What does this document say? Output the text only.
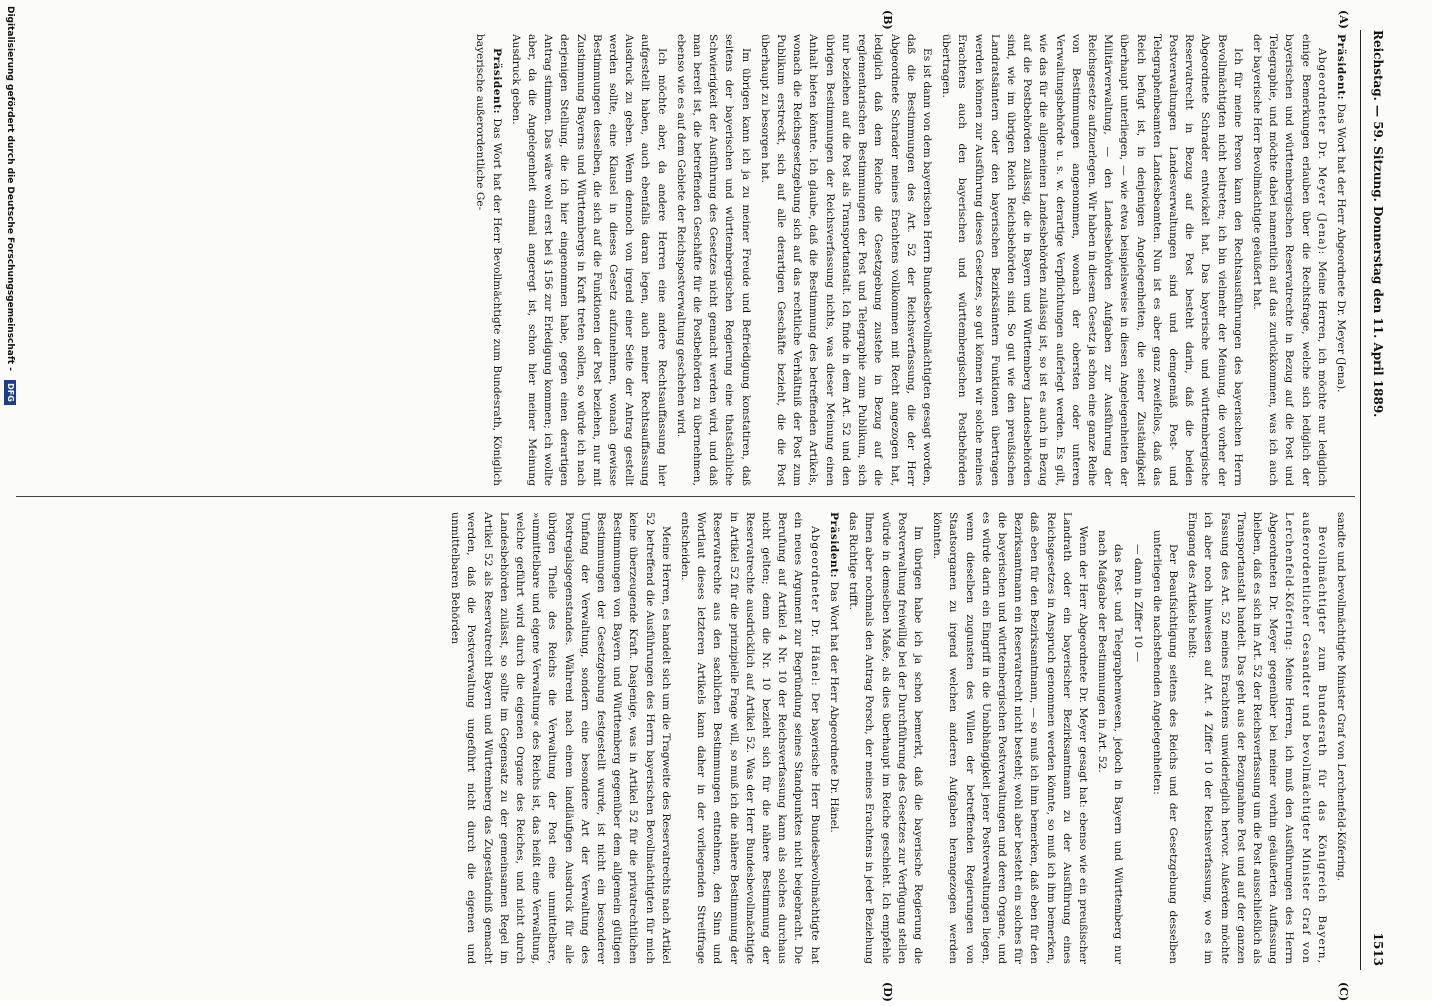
Reichstag. — 59. Sitzung. Donnerstag den 11. April 1889.
1513
(A)
(B)
(C)
(D)

Präsident: Das Wort hat der Herr Abgeordnete Dr. Meyer (Jena).

Abgeordneter Dr. Meyer (Jena): Meine Herren, ich möchte nur lediglich einige Bemerkungen erlauben über die Rechtsfrage, welche sich lediglich der bayerischen und württembergischen Reservatrechte in Bezug auf die Post und Telegraphie, und möchte dabei namentlich auf das zurückkommen, was ich auch der bayerische Herr Bevollmächtigte geäußert hat.

Ich für meine Person kann den Rechtsausführungen des bayerischen Herrn Bevollmächtigten nicht beitreten; ich bin vielmehr der Meinung, die vorher der Abgeordnete Schrader entwickelt hat. Das bayerische und württembergische Reservatrecht in Bezug auf die Post besteht darin, daß die beiden Postverwaltungen Landesverwaltungen sind und demgemäß Post- und Telegraphenbeamten Landesbeamten. Nun ist es aber ganz zweifellos, daß das Reich befugt ist, in denjenigen Angelegenheiten, die seiner Zuständigkeit überhaupt unterliegen, — wie etwa beispielsweise in diesen Angelegenheiten der Militärverwaltung, — den Landesbehörden Aufgaben zur Ausführung der Reichsgesetze aufzuerlegen. Wir haben in diesem Gesetz ja schon eine ganze Reihe von Bestimmungen angenommen, wonach der obersten oder unteren Verwaltungsbehörde u. s. w. derartige Verpflichtungen auferlegt werden. Es gilt, wie das für die allgemeinen Landesbehörden zulässig ist, so ist es auch in Bezug auf die Postbehörden zulässig, die in Bayern und Württemberg Landesbehörden sind, wie im übrigen Reich Reichsbehörden sind. So gut wie den preußischen Landratsämtern oder den bayerischen Bezirksämtern Funktionen übertragen werden können zur Ausführung dieses Gesetzes, so gut können wir solche meines Erachtens auch den bayerischen und württembergischen Postbehörden übertragen.

Es ist dann von dem bayerischen Herrn Bundesbevollmächtigten gesagt worden, daß die Bestimmungen des Art. 52 der Reichsverfassung, die der Herr Abgeordnete Schrader meines Erachtens vollkommen mit Recht angezogen hat, lediglich daß dem Reiche die Gesetzgebung zustehe in Bezug auf die reglementarischen Bestimmungen der Post und Telegraphie zum Publikum, sich nur beziehen auf die Post als Transportanstalt. Ich finde in dem Art. 52 und den übrigen Bestimmungen der Reichsverfassung nichts, was dieser Meinung einen Anhalt bieten könnte. Ich glaube, daß die Bestimmung des betreffenden Artikels, wonach die Reichsgesetzgebung sich auf das rechtliche Verhältniß der Post zum Publikum erstreckt, sich auf alle derartigen Geschäfte bezieht, die die Post überhaupt zu besorgen hat.

Im übrigen kann ich ja zu meiner Freude und Befriedigung konstatiren, daß seitens der bayerischen und württembergischen Regierung eine thatsächliche Schwierigkeit der Ausführung des Gesetzes nicht gemacht werden wird, und daß man bereit ist, die betreffenden Geschäfte für die Postbehörden zu übernehmen, ebenso wie es auf dem Gebiete der Reichspostverwaltung geschehen wird.

Ich möchte aber, da andere Herren eine andere Rechtsauffassung hier aufgestellt haben, auch ebenfalls daran legen, auch meiner Rechtsauffassung Ausdruck zu geben. Wenn dennoch von irgend einer Seite der Antrag gestellt werden sollte, eine Klausel in dieses Gesetz aufzunehmen, wonach gewisse Bestimmungen desselben, die sich auf die Funktionen der Post beziehen, nur mit Zustimmung Bayerns und Württembergs in Kraft treten sollen, so würde ich nach derjenigen Stellung, die ich hier eingenommen habe, gegen einen derartigen Antrag stimmen. Das wäre wohl erst bei § 156 zur Erledigung kommen; ich wollte aber, da die Angelegenheit einmal angeregt ist, schon hier meiner Meinung Ausdruck geben.

Präsident: Das Wort hat der Herr Bevollmächtigte zum Bundesrath, Königlich bayerische außerordentliche Ge-

sandte und bevollmächtigte Minister Graf von Lerchenfeld-Köfering.

Bevollmächtigter zum Bundesrath für das Königreich Bayern, außerordentlicher Gesandter und bevollmächtigter Minister Graf von Lerchenfeld-Köfering: Meine Herren, ich muß den Ausführungen des Herrn Abgeordneten Dr. Meyer gegenüber bei meiner vorhin geäußerten Auffassung bleiben, daß es sich im Art. 52 der Reichsverfassung um die Post ausschließlich als Transportanstalt handelt. Das geht aus der Bezugnahme Post und auf der ganzen Fassung des Art. 52 meines Erachtens unwiderleglich hervor. Außerdem möchte ich aber noch hinweisen auf Art. 4 Ziffer 10 der Reichsverfassung, wo es im Eingang des Artikels heißt:

Der Beaufsichtigung seitens des Reichs und der Gesetzgebung desselben unterliegen die nachstehenden Angelegenheiten:

— dann in Ziffer 10 —

das Post- und Telegraphenwesen, jedoch in Bayern und Württemberg nur nach Maßgabe der Bestimmungen in Art. 52.

Wenn der Herr Abgeordnete Dr. Meyer gesagt hat: ebenso wie ein preußischer Landrath oder ein bayerischer Bezirksamtmann zu der Ausführung eines Reichsgesetzes in Anspruch genommen werden könnte, so muß ich ihm bemerken, daß eben für den Bezirksamtmann, — so muß ich ihm bemerken, daß eben für den Bezirksamtmann ein Reservatrecht nicht besteht; wohl aber besteht ein solches für die bayerischen und württembergischen Postverwaltungen und deren Organe, und es würde darin ein Eingriff in die Unabhängigkeit jener Postverwaltungen liegen, wenn dieselben zugunsten des Willen der betreffenden Regierungen von Staatsorganen zu irgend welchen anderen Aufgaben herangezogen werden könnten.

Im übrigen habe ich ja schon bemerkt, daß die bayerische Regierung die Postverwaltung freiwillig bei der Durchführung des Gesetzes zur Verfügung stellen würde in demselben Maße, als dies überhaupt im Reiche geschieht. Ich empfehle Ihnen aber nochmals den Antrag Porsch, der meines Erachtens in jeder Beziehung das Richtige trifft.

Präsident: Das Wort hat der Herr Abgeordnete Dr. Hänel.

Abgeordneter Dr. Hänel: Der bayerische Herr Bundesbevollmächtigte hat ein neues Argument zur Begründung seines Standpunktes nicht beigebracht. Die Berufung auf Artikel 4 Nr. 10 der Reichsverfassung kann als solches durchaus nicht gelten; denn die Nr. 10 bezieht sich für die nähere Bestimmung der Reservatrechte ausdrücklich auf Artikel 52. Was der Herr Bundesbevollmächtigte in Artikel 52 für die prinzipielle Frage will, so muß ich die nähere Bestimmung der Reservatrechte aus den sachlichen Bestimmungen entnehmen, den Sinn und Wortlaut dieses letzteren Artikels kann daher in der vorliegenden Streitfrage entscheiden.

Meine Herren, es handelt sich um die Tragweite des Reservatrechts nach Artikel 52 betreffend die Ausführungen des Herrn bayerischen Bevollmächtigten für mich keine überzeugende Kraft. Dasjenige, was in Artikel 52 für die privatrechtlichen Bestimmungen von Bayern und Württemberg gegenüber dem allgemein gültigen Bestimmungen der Gesetzgebung festgestellt wurde, ist nicht ein besonderer Umfang der Verwaltung, sondern eine besondere Art der Verwaltung des Postregalsgegenstandes. Während nach einem landläufigen Ausdruck für alle übrigen Theile des Reichs die Verwaltung der Post eine unmittelbare, »unmittelbare und eigene Verwaltung« des Reichs ist, das heißt eine Verwaltung, welche geführt wird durch die eigenen Organe des Reiches, und nicht durch Landesbehörden zulässt, so sollte im Gegensatz zu der gemeinsamen Regel im Artikel 52 als Reservatrecht Bayern und Württemberg das Zugeständniß gemacht werden, daß die Postverwaltung ungeführt nicht durch die eigenen und unmittelbaren Behörden

Digitalisierung gefördert durch die Deutsche Forschungsgemeinschaft - DFG
